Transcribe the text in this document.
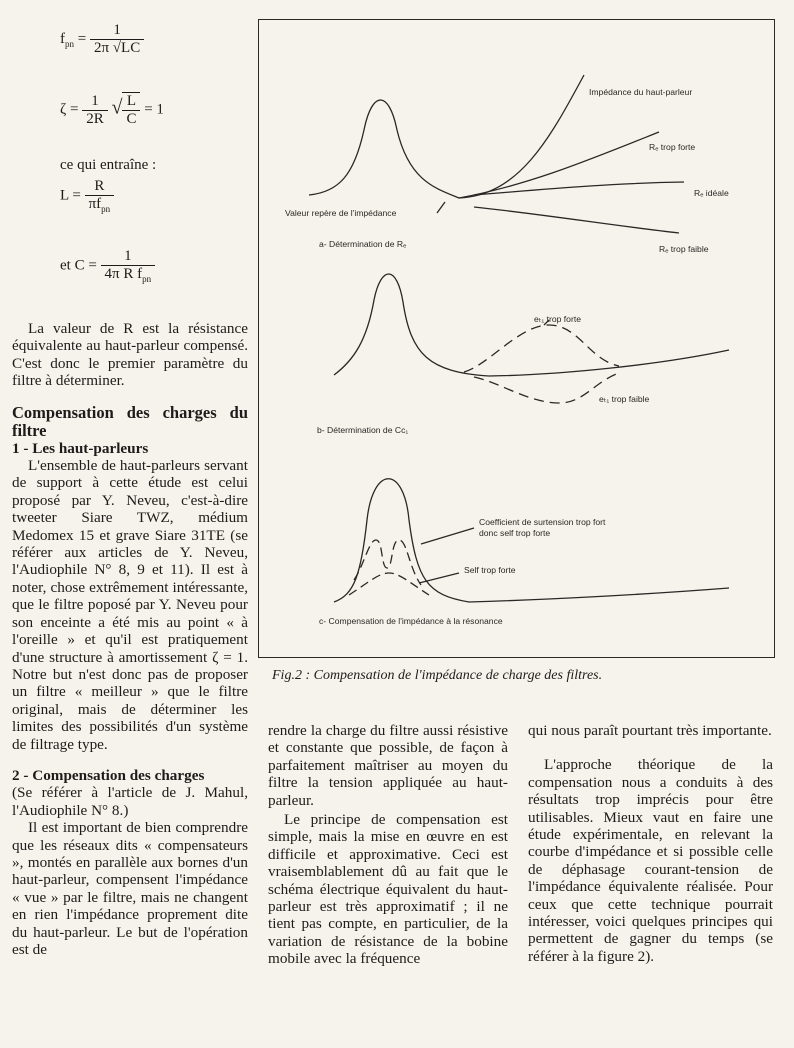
$f_{pn} = \frac{1}{2\pi √LC}$
$\zeta = \frac{1}{2R}$ √ $\frac{L}{C} = 1$
ce qui entraîne :
$L = \frac{R}{\pi f_{pn}}$
et $C = \frac{1}{4\pi R f_{pn}}$

La valeur de R est la résistance équivalente au haut-parleur compensé. C'est donc le premier paramètre du filtre à déterminer.

Compensation des charges du filtre

1 - Les haut-parleurs

L'ensemble de haut-parleurs servant de support à cette étude est celui proposé par Y. Neveu, c'est-à-dire tweeter Siare TWZ, médium Medomex 15 et grave Siare 31TE (se référer aux articles de Y. Neveu, l'Audiophile N° 8, 9 et 11). Il est à noter, chose extrêmement intéressante, que le filtre poposé par Y. Neveu pour son enceinte a été mis au point « à l'oreille » et qu'il est pratiquement d'une structure à amortissement ζ = 1. Notre but n'est donc pas de proposer un filtre « meilleur » que le filtre original, mais de déterminer les limites des possibilités d'un système de filtrage type.

2 - Compensation des charges

(Se référer à l'article de J. Mahul, l'Audiophile N° 8.)

Il est important de bien comprendre que les réseaux dits « compensateurs », montés en parallèle aux bornes d'un haut-parleur, compensent l'impédance « vue » par le filtre, mais ne changent en rien l'impédance proprement dite du haut-parleur. Le but de l'opération est de

Impédance du haut-parleur
Rₑ trop forte
Rₑ idéale
Rₑ trop faible
Valeur repère de l'impédance
a- Détermination de Rₑ
eₜ₁ trop forte
eₜ₁ trop faible
b- Détermination de Cc₁
Coefficient de surtension trop fort
donc self trop forte
Self trop forte
c- Compensation de l'impédance à la résonance
Fig.2 : Compensation de l'impédance de charge des filtres.

rendre la charge du filtre aussi résistive et constante que possible, de façon à parfaitement maîtriser au moyen du filtre la tension appliquée au haut-parleur.

Le principe de compensation est simple, mais la mise en œuvre en est difficile et approximative. Ceci est vraisemblablement dû au fait que le schéma électrique équivalent du haut-parleur est très approximatif ; il ne tient pas compte, en particulier, de la variation de résistance de la bobine mobile avec la fréquence

qui nous paraît pourtant très importante.

L'approche théorique de la compensation nous a conduits à des résultats trop imprécis pour être utilisables. Mieux vaut en faire une étude expérimentale, en relevant la courbe d'impédance et si possible celle de déphasage courant-tension de l'impédance équivalente réalisée. Pour ceux que cette technique pourrait intéresser, voici quelques principes qui permettent de gagner du temps (se référer à la figure 2).
